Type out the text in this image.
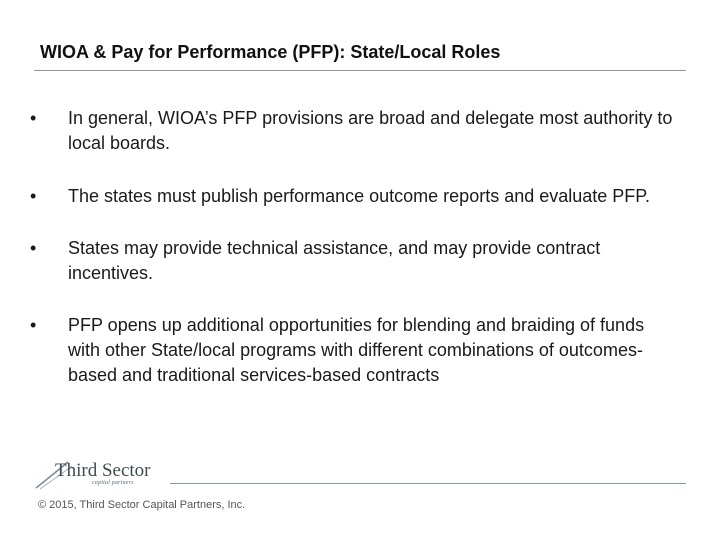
WIOA & Pay for Performance (PFP): State/Local Roles
•	In general, WIOA’s PFP provisions are broad and delegate most authority to local boards.
•	The states must publish performance outcome reports and evaluate PFP.
•	States may provide technical assistance, and may provide contract incentives.
•	PFP opens up additional opportunities for blending and braiding of funds with other State/local programs with different combinations of outcomes-based and traditional services-based contracts
Third Sector
capital partners
© 2015, Third Sector Capital Partners, Inc.
